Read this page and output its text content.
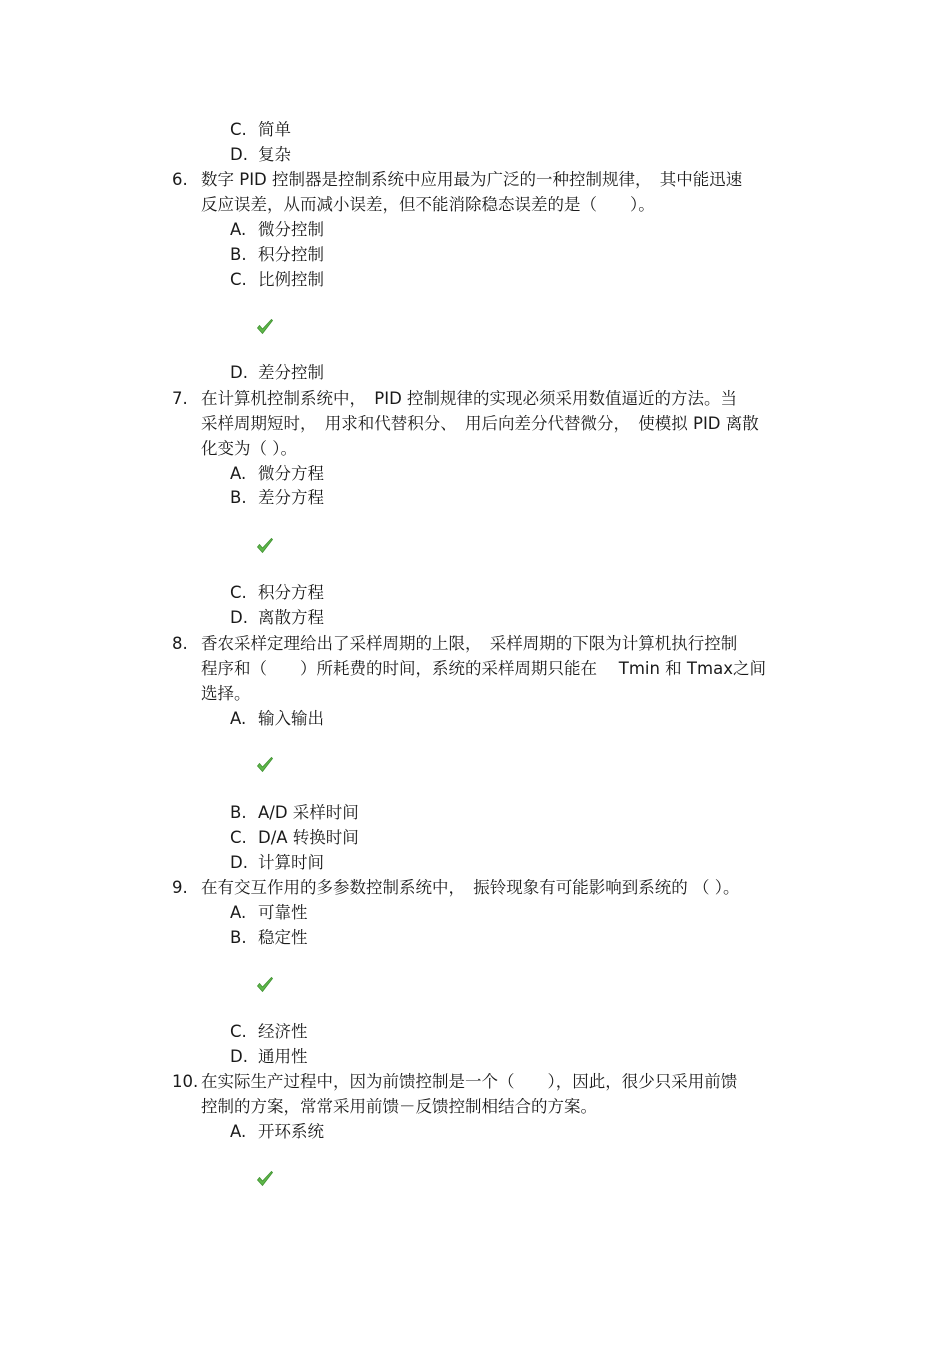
C. 简单
D. 复杂
6. 数字 PID 控制器是控制系统中应用最为广泛的一种控制规律，　其中能迅速
反应误差，从而减小误差，但不能消除稳态误差的是（　　）。
A. 微分控制
B. 积分控制
C. 比例控制
D. 差分控制
7. 在计算机控制系统中，　PID 控制规律的实现必须采用数值逼近的方法。当
采样周期短时，　用求和代替积分、　用后向差分代替微分，　使模拟 PID 离散
化变为（ ）。
A. 微分方程
B. 差分方程
C. 积分方程
D. 离散方程
8. 香农采样定理给出了采样周期的上限，　采样周期的下限为计算机执行控制
程序和（　　）所耗费的时间，系统的采样周期只能在　 Tmin 和 Tmax之间
选择。
A. 输入输出
B. A/D 采样时间
C. D/A 转换时间
D. 计算时间
9. 在有交互作用的多参数控制系统中，　振铃现象有可能影响到系统的 （ ）。
A. 可靠性
B. 稳定性
C. 经济性
D. 通用性
10. 在实际生产过程中，因为前馈控制是一个（　　），因此，很少只采用前馈
控制的方案，常常采用前馈－反馈控制相结合的方案。
A. 开环系统
